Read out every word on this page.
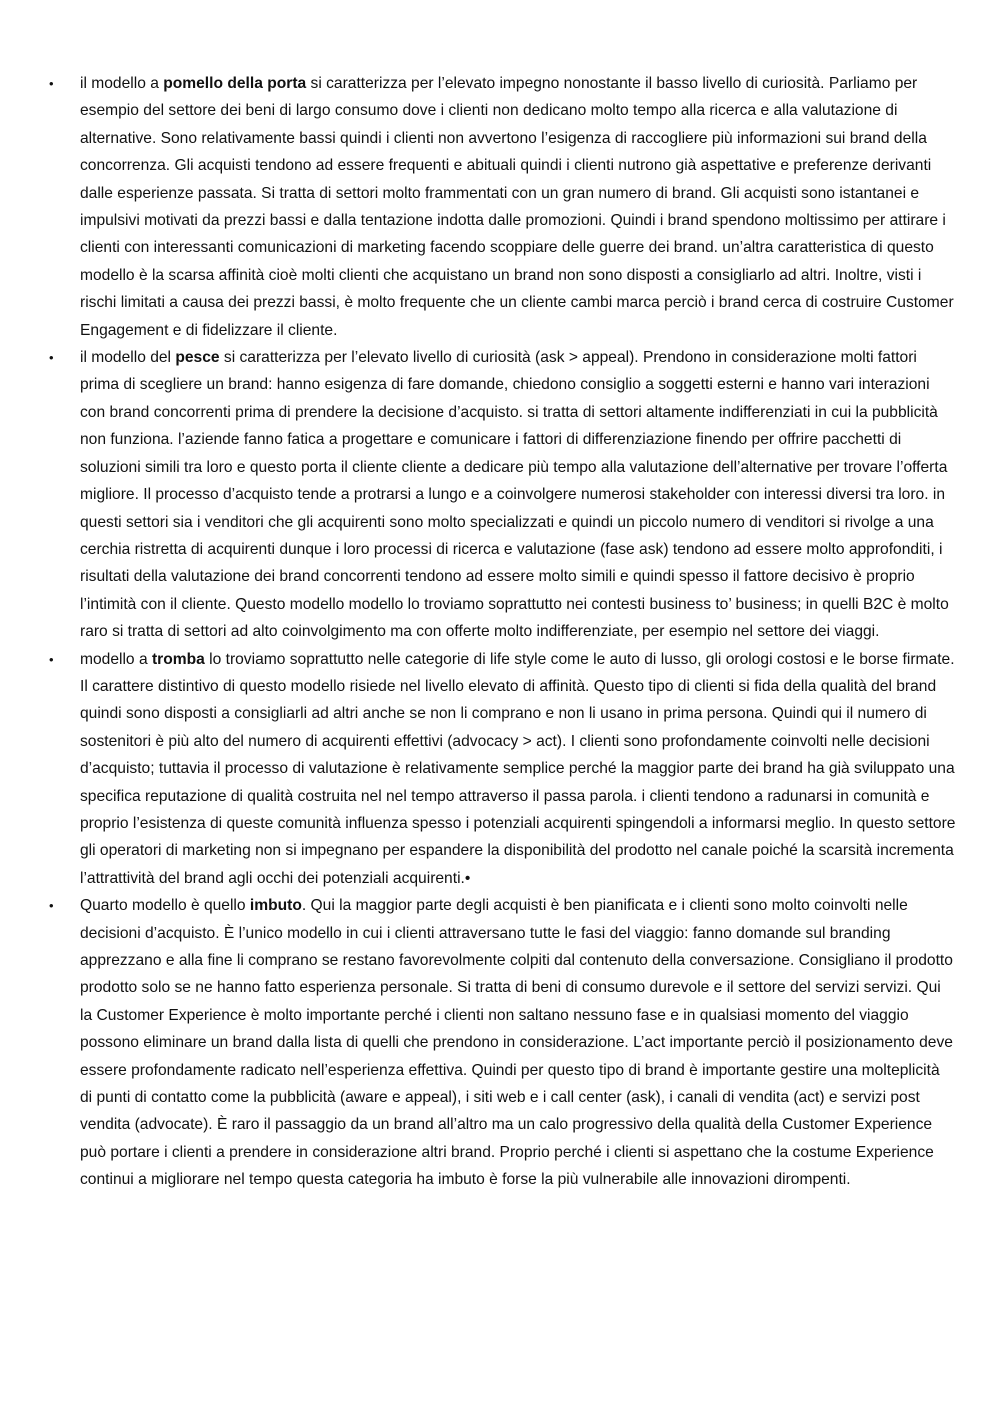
• il modello a pomello della porta si caratterizza per l’elevato impegno nonostante il basso livello di curiosità. Parliamo per esempio del settore dei beni di largo consumo dove i clienti non dedicano molto tempo alla ricerca e alla valutazione di alternative. Sono relativamente bassi quindi i clienti non avvertono l’esigenza di raccogliere più informazioni sui brand della concorrenza. Gli acquisti tendono ad essere frequenti e abituali quindi i clienti nutrono già aspettative e preferenze derivanti dalle esperienze passata. Si tratta di settori molto frammentati con un gran numero di brand. Gli acquisti sono istantanei e impulsivi motivati da prezzi bassi e dalla tentazione indotta dalle promozioni. Quindi i brand spendono moltissimo per attirare i clienti con interessanti comunicazioni di marketing facendo scoppiare delle guerre dei brand. un’altra caratteristica di questo modello è la scarsa affinità cioè molti clienti che acquistano un brand non sono disposti a consigliarlo ad altri. Inoltre, visti i rischi limitati a causa dei prezzi bassi, è molto frequente che un cliente cambi marca perciò i brand cerca di costruire Customer Engagement e di fidelizzare il cliente.

• il modello del pesce si caratterizza per l’elevato livello di curiosità (ask > appeal). Prendono in considerazione molti fattori prima di scegliere un brand: hanno esigenza di fare domande, chiedono consiglio a soggetti esterni e hanno vari interazioni con brand concorrenti prima di prendere la decisione d’acquisto. si tratta di settori altamente indifferenziati in cui la pubblicità non funziona. l’aziende fanno fatica a progettare e comunicare i fattori di differenziazione finendo per offrire pacchetti di soluzioni simili tra loro e questo porta il cliente cliente a dedicare più tempo alla valutazione dell’alternative per trovare l’offerta migliore. Il processo d’acquisto tende a protrarsi a lungo e a coinvolgere numerosi stakeholder con interessi diversi tra loro. in questi settori sia i venditori che gli acquirenti sono molto specializzati e quindi un piccolo numero di venditori si rivolge a una cerchia ristretta di acquirenti dunque i loro processi di ricerca e valutazione (fase ask) tendono ad essere molto approfonditi, i risultati della valutazione dei brand concorrenti tendono ad essere molto simili e quindi spesso il fattore decisivo è proprio l’intimità con il cliente. Questo modello modello lo troviamo soprattutto nei contesti business to’ business; in quelli B2C è molto raro si tratta di settori ad alto coinvolgimento ma con offerte molto indifferenziate, per esempio nel settore dei viaggi.

• modello a tromba lo troviamo soprattutto nelle categorie di life style come le auto di lusso, gli orologi costosi e le borse firmate. Il carattere distintivo di questo modello risiede nel livello elevato di affinità. Questo tipo di clienti si fida della qualità del brand quindi sono disposti a consigliarli ad altri anche se non li comprano e non li usano in prima persona. Quindi qui il numero di sostenitori è più alto del numero di acquirenti effettivi (advocacy > act). I clienti sono profondamente coinvolti nelle decisioni d’acquisto; tuttavia il processo di valutazione è relativamente semplice perché la maggior parte dei brand ha già sviluppato una specifica reputazione di qualità costruita nel nel tempo attraverso il passa parola. i clienti tendono a radunarsi in comunità e proprio l’esistenza di queste comunità influenza spesso i potenziali acquirenti spingendoli a informarsi meglio. In questo settore gli operatori di marketing non si impegnano per espandere la disponibilità del prodotto nel canale poiché la scarsità incrementa l’attrattività del brand agli occhi dei potenziali acquirenti.•

• Quarto modello è quello imbuto. Qui la maggior parte degli acquisti è ben pianificata e i clienti sono molto coinvolti nelle decisioni d’acquisto. È l’unico modello in cui i clienti attraversano tutte le fasi del viaggio: fanno domande sul branding apprezzano e alla fine li comprano se restano favorevolmente colpiti dal contenuto della conversazione. Consigliano il prodotto prodotto solo se ne hanno fatto esperienza personale. Si tratta di beni di consumo durevole e il settore del servizi servizi. Qui la Customer Experience è molto importante perché i clienti non saltano nessuno fase e in qualsiasi momento del viaggio possono eliminare un brand dalla lista di quelli che prendono in considerazione. L’act importante perciò il posizionamento deve essere profondamente radicato nell’esperienza effettiva. Quindi per questo tipo di brand è importante gestire una molteplicità di punti di contatto come la pubblicità (aware e appeal), i siti web e i call center (ask), i canali di vendita (act) e servizi post vendita (advocate). È raro il passaggio da un brand all’altro ma un calo progressivo della qualità della Customer Experience può portare i clienti a prendere in considerazione altri brand. Proprio perché i clienti si aspettano che la costume Experience continui a migliorare nel tempo questa categoria ha imbuto è forse la più vulnerabile alle innovazioni dirompenti.
